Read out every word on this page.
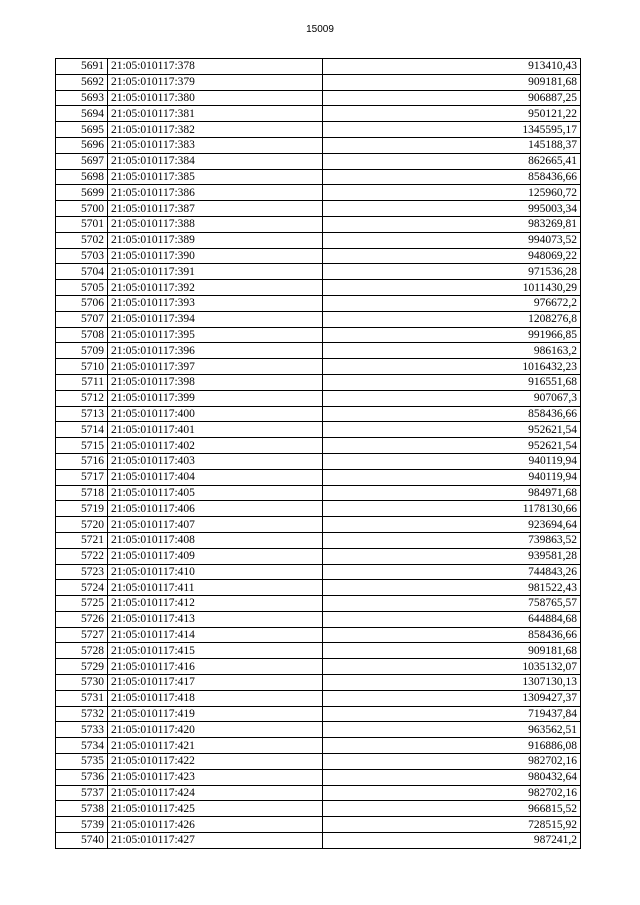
15009
5691	21:05:010117:378	913410,43
5692	21:05:010117:379	909181,68
5693	21:05:010117:380	906887,25
5694	21:05:010117:381	950121,22
5695	21:05:010117:382	1345595,17
5696	21:05:010117:383	145188,37
5697	21:05:010117:384	862665,41
5698	21:05:010117:385	858436,66
5699	21:05:010117:386	125960,72
5700	21:05:010117:387	995003,34
5701	21:05:010117:388	983269,81
5702	21:05:010117:389	994073,52
5703	21:05:010117:390	948069,22
5704	21:05:010117:391	971536,28
5705	21:05:010117:392	1011430,29
5706	21:05:010117:393	976672,2
5707	21:05:010117:394	1208276,8
5708	21:05:010117:395	991966,85
5709	21:05:010117:396	986163,2
5710	21:05:010117:397	1016432,23
5711	21:05:010117:398	916551,68
5712	21:05:010117:399	907067,3
5713	21:05:010117:400	858436,66
5714	21:05:010117:401	952621,54
5715	21:05:010117:402	952621,54
5716	21:05:010117:403	940119,94
5717	21:05:010117:404	940119,94
5718	21:05:010117:405	984971,68
5719	21:05:010117:406	1178130,66
5720	21:05:010117:407	923694,64
5721	21:05:010117:408	739863,52
5722	21:05:010117:409	939581,28
5723	21:05:010117:410	744843,26
5724	21:05:010117:411	981522,43
5725	21:05:010117:412	758765,57
5726	21:05:010117:413	644884,68
5727	21:05:010117:414	858436,66
5728	21:05:010117:415	909181,68
5729	21:05:010117:416	1035132,07
5730	21:05:010117:417	1307130,13
5731	21:05:010117:418	1309427,37
5732	21:05:010117:419	719437,84
5733	21:05:010117:420	963562,51
5734	21:05:010117:421	916886,08
5735	21:05:010117:422	982702,16
5736	21:05:010117:423	980432,64
5737	21:05:010117:424	982702,16
5738	21:05:010117:425	966815,52
5739	21:05:010117:426	728515,92
5740	21:05:010117:427	987241,2
